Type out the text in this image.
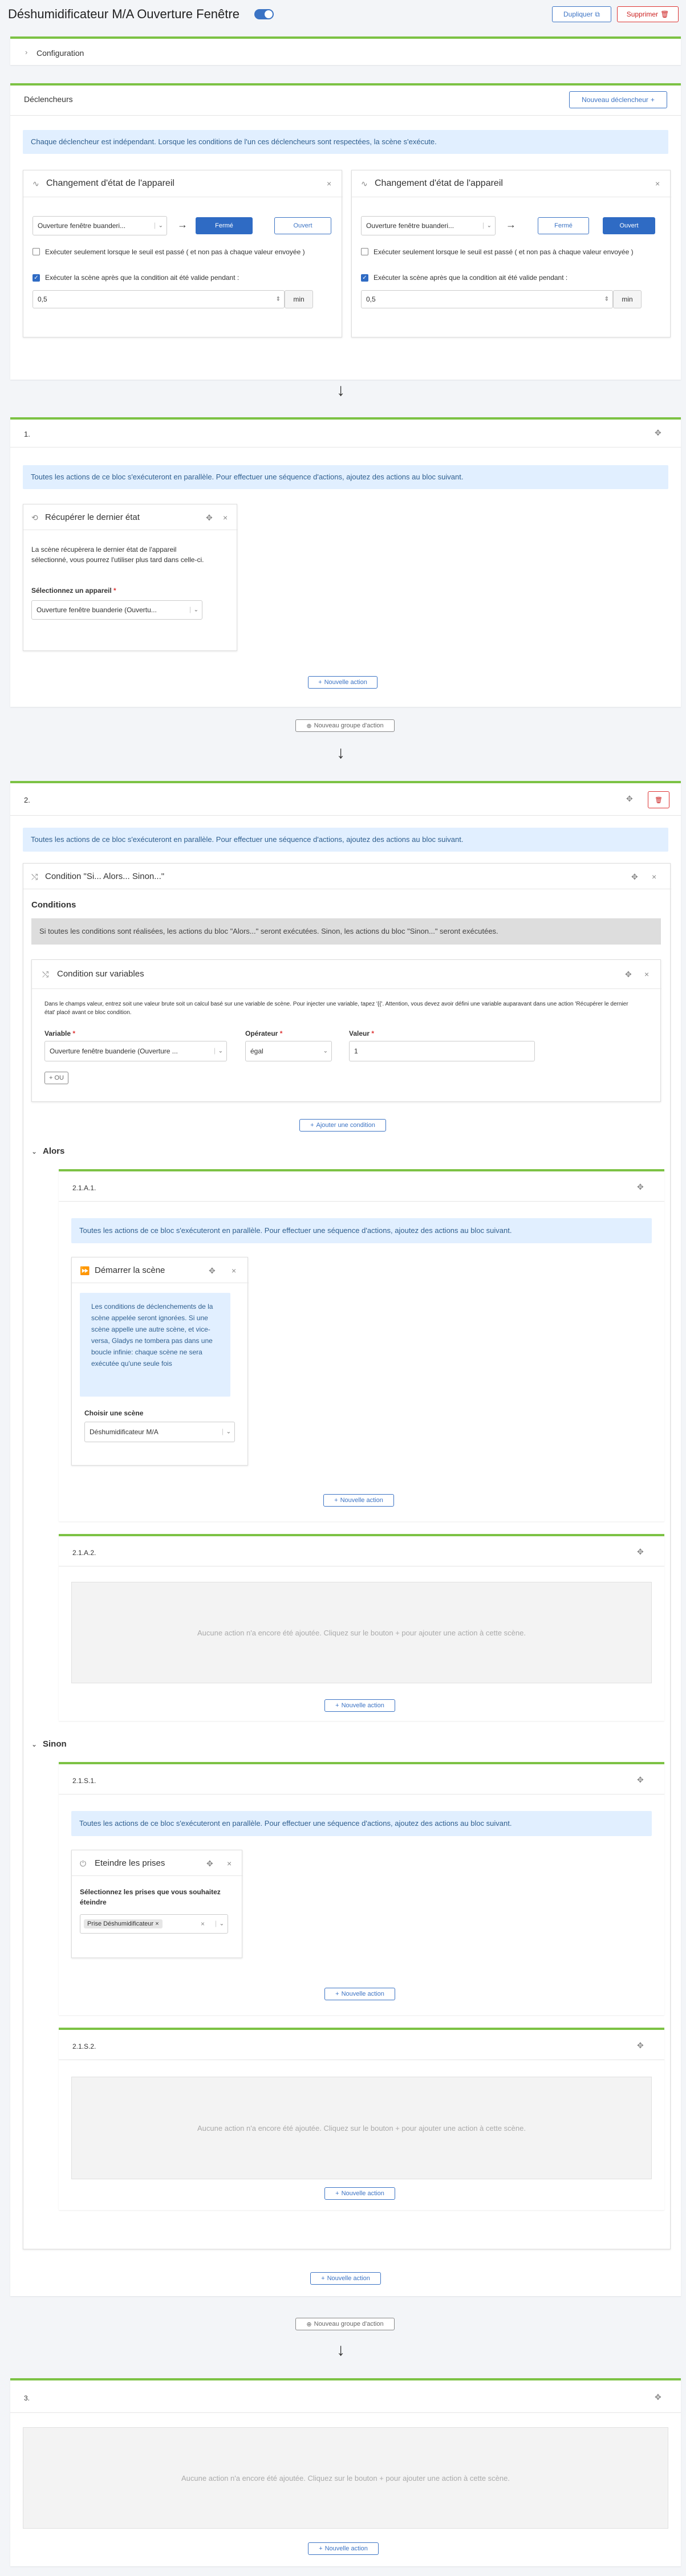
Déshumidificateur M/A Ouverture Fenêtre	Dupliquer ⧉	Supprimer 🗑
› Configuration
Déclencheurs	Nouveau déclencheur +
Chaque déclencheur est indépendant. Lorsque les conditions de l'un ces déclencheurs sont respectées, la scène s'exécute.
∿ Changement d'état de l'appareil	×
Ouverture fenêtre buanderi...	⌄ →	Fermé	Ouvert
Exécuter seulement lorsque le seuil est passé ( et non pas à chaque valeur envoyée )
✓ Exécuter la scène après que la condition ait été valide pendant :
0,5	⇕	min
∿ Changement d'état de l'appareil	×
Ouverture fenêtre buanderi...	⌄ →	Fermé	Ouvert
Exécuter seulement lorsque le seuil est passé ( et non pas à chaque valeur envoyée )
✓ Exécuter la scène après que la condition ait été valide pendant :
0,5	⇕	min
↓
1.	✥
Toutes les actions de ce bloc s'exécuteront en parallèle. Pour effectuer une séquence d'actions, ajoutez des actions au bloc suivant.
⟲ Récupérer le dernier état	✥ ×
La scène récupèrera le dernier état de l'appareil sélectionné, vous pourrez l'utiliser plus tard dans celle-ci.
Sélectionnez un appareil *
Ouverture fenêtre buanderie (Ouvertu...	⌄
+ Nouvelle action
⊕ Nouveau groupe d'action
↓
2.	✥	🗑
Toutes les actions de ce bloc s'exécuteront en parallèle. Pour effectuer une séquence d'actions, ajoutez des actions au bloc suivant.
⤭ Condition "Si... Alors... Sinon..."	✥ ×
Conditions
Si toutes les conditions sont réalisées, les actions du bloc "Alors..." seront exécutées. Sinon, les actions du bloc "Sinon..." seront exécutées.
⤭ Condition sur variables	✥ ×
Dans le champs valeur, entrez soit une valeur brute soit un calcul basé sur une variable de scène. Pour injecter une variable, tapez '{{'. Attention, vous devez avoir défini une variable auparavant dans une action 'Récupérer le dernier état' placé avant ce bloc condition.
Variable *
Ouverture fenêtre buanderie (Ouverture ...	⌄
Opérateur *
égal	⌄
Valeur *
1
+ OU
+ Ajouter une condition
⌄ Alors
2.1.A.1.	✥
Toutes les actions de ce bloc s'exécuteront en parallèle. Pour effectuer une séquence d'actions, ajoutez des actions au bloc suivant.
⏩ Démarrer la scène	✥ ×
Les conditions de déclenchements de la scène appelée seront ignorées. Si une scène appelle une autre scène, et vice-versa, Gladys ne tombera pas dans une boucle infinie: chaque scène ne sera exécutée qu'une seule fois
Choisir une scène
Déshumidificateur M/A	⌄
+ Nouvelle action
2.1.A.2.	✥
Aucune action n'a encore été ajoutée. Cliquez sur le bouton + pour ajouter une action à cette scène.
+ Nouvelle action
⌄ Sinon
2.1.S.1.	✥
Toutes les actions de ce bloc s'exécuteront en parallèle. Pour effectuer une séquence d'actions, ajoutez des actions au bloc suivant.
⏻ Eteindre les prises	✥ ×
Sélectionnez les prises que vous souhaitez éteindre
Prise Déshumidificateur ×	×	⌄
+ Nouvelle action
2.1.S.2.	✥
Aucune action n'a encore été ajoutée. Cliquez sur le bouton + pour ajouter une action à cette scène.
+ Nouvelle action
+ Nouvelle action
⊕ Nouveau groupe d'action
↓
3.	✥
Aucune action n'a encore été ajoutée. Cliquez sur le bouton + pour ajouter une action à cette scène.
+ Nouvelle action
